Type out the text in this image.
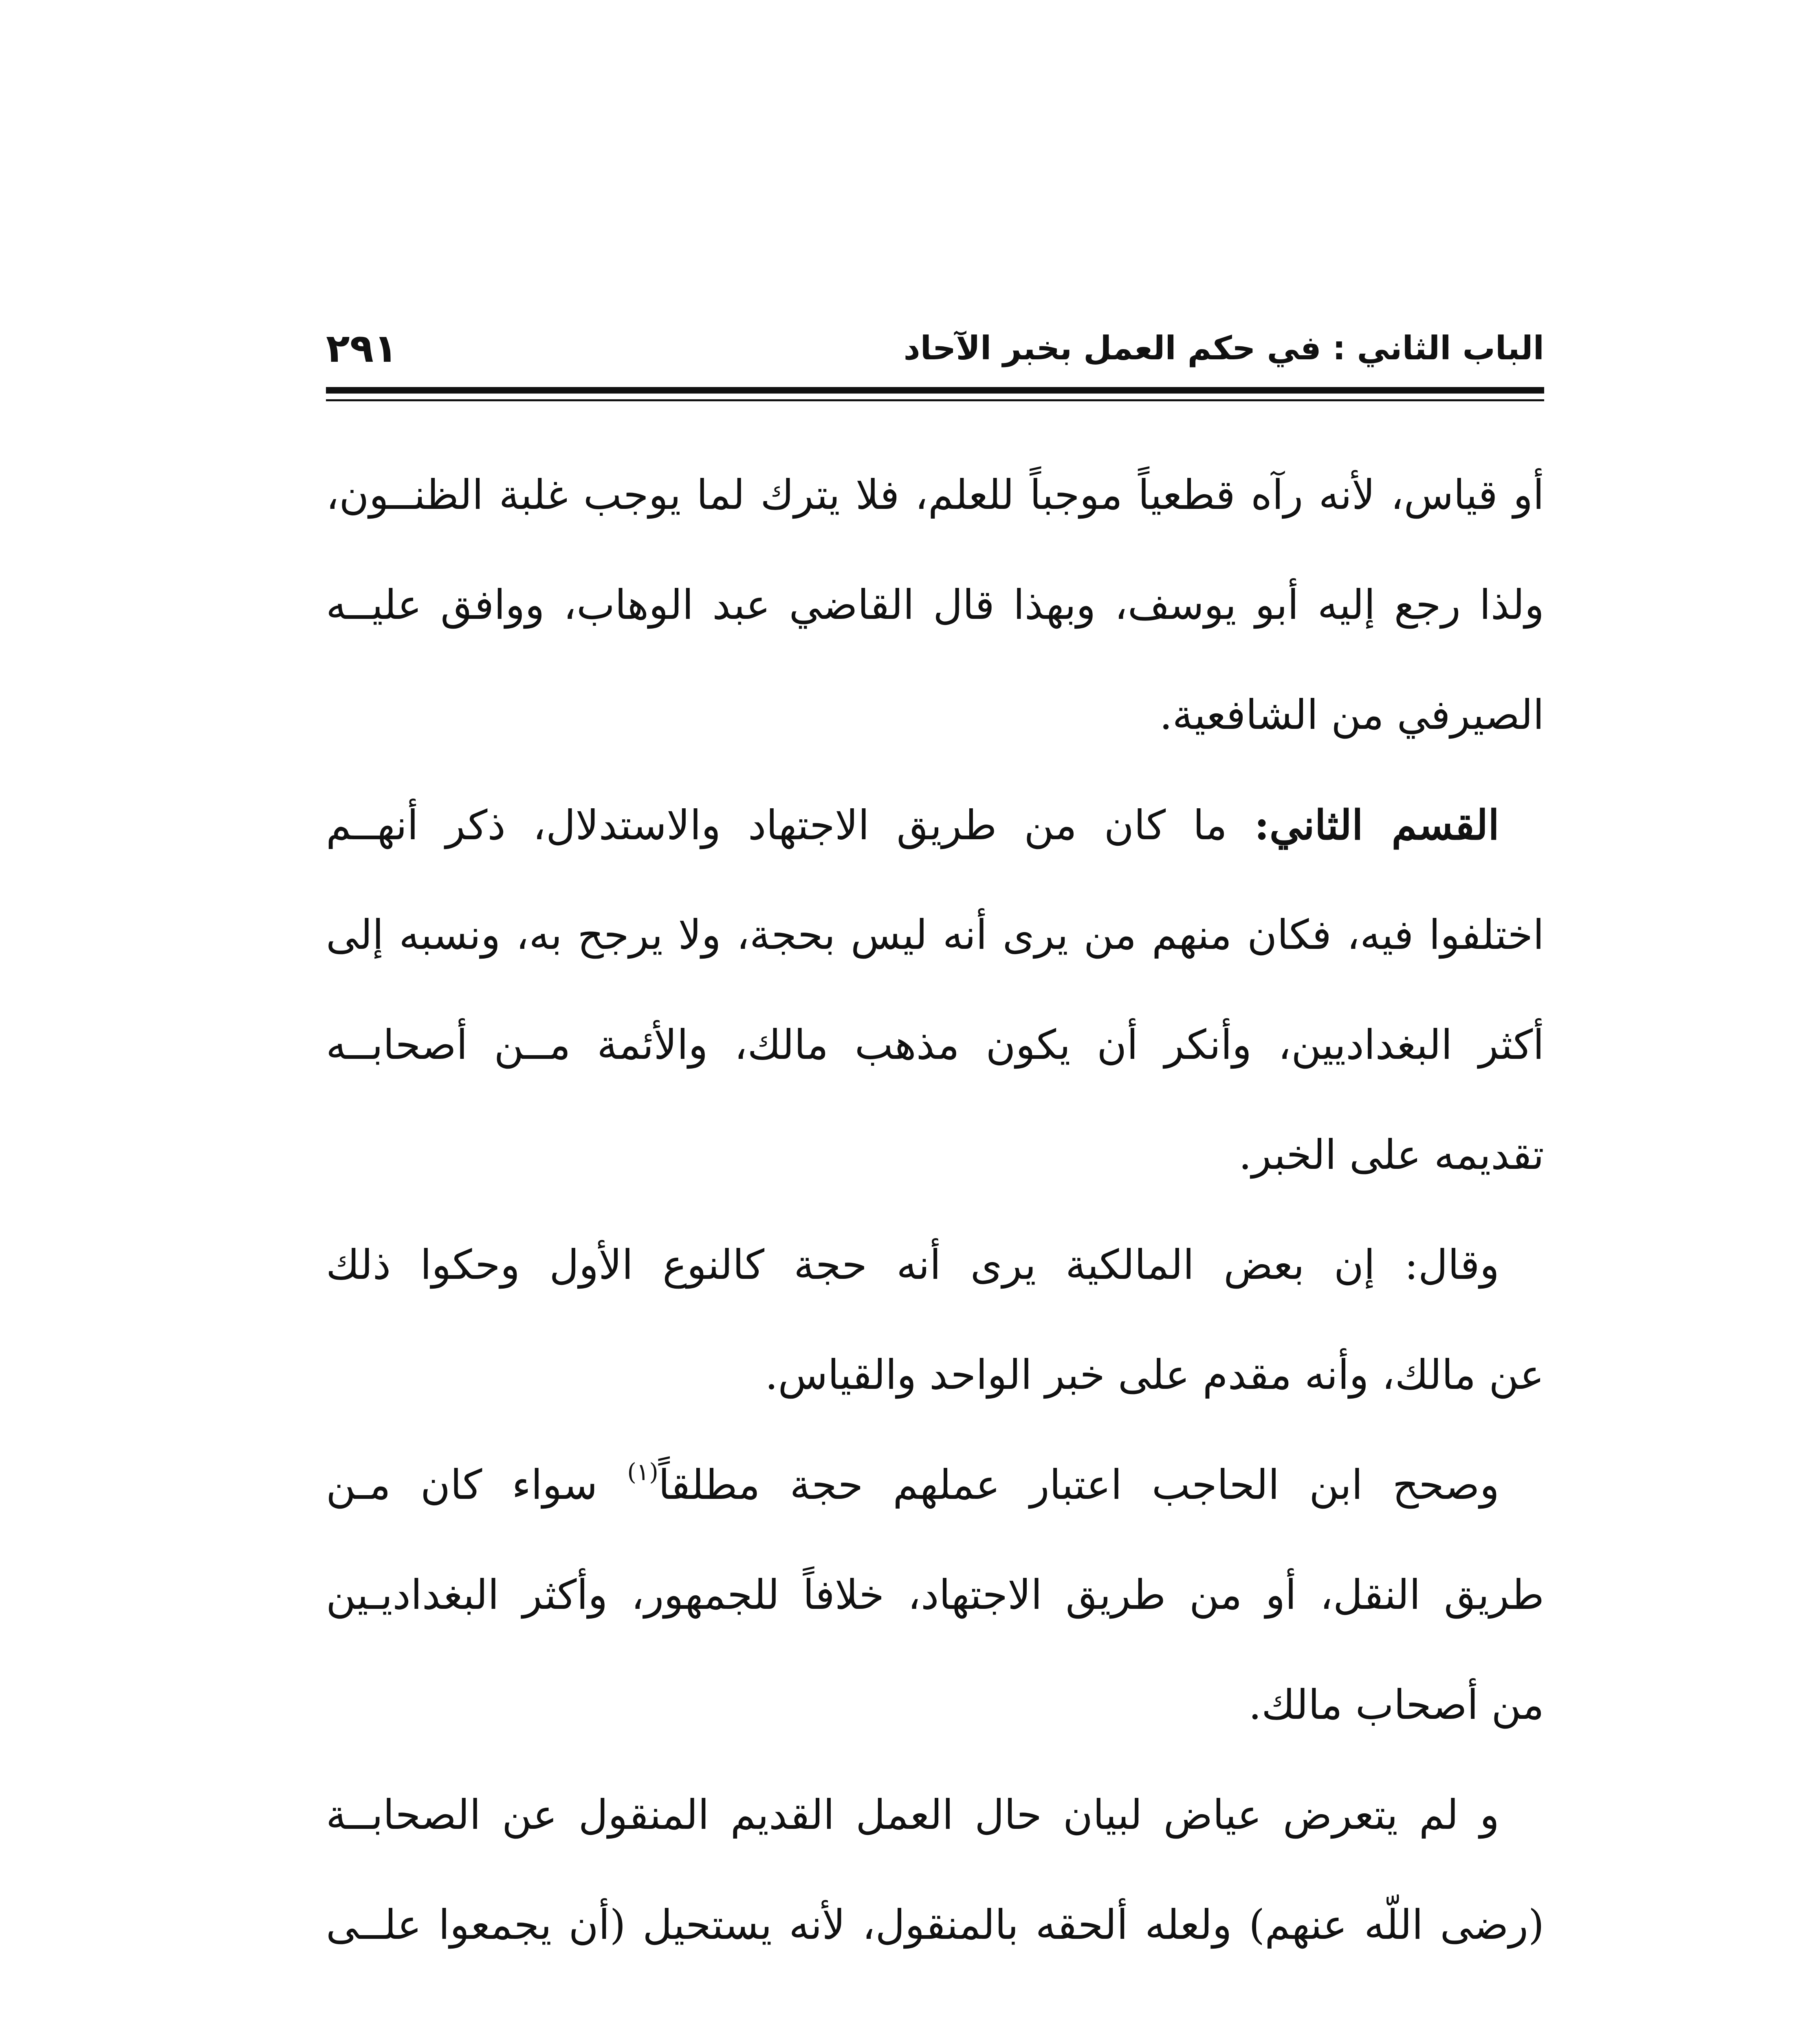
الباب الثاني : في حكم العمل بخبر الآحاد
٢٩١
أو قياس، لأنه رآه قطعياً موجباً للعلم، فلا يترك لما يوجب غلبة الظنــون،
ولذا رجع إليه أبو يوسف، وبهذا قال القاضي عبد الوهاب، ووافق عليــه
الصيرفي من الشافعية.
القسم الثاني: ما كان من طريق الاجتهاد والاستدلال، ذكر أنهــم
اختلفوا فيه، فكان منهم من يرى أنه ليس بحجة، ولا يرجح به، ونسبه إلى
أكثر البغداديين، وأنكر أن يكون مذهب مالك، والأئمة مــن أصحابــه
تقديمه على الخبر.
وقال: إن بعض المالكية يرى أنه حجة كالنوع الأول وحكوا ذلك
عن مالك، وأنه مقدم على خبر الواحد والقياس.
وصحح ابن الحاجب اعتبار عملهم حجة مطلقاً$^{(١)}$ سواء كان مـن
طريق النقل، أو من طريق الاجتهاد، خلافاً للجمهور، وأكثر البغداديـين
من أصحاب مالك.
و لم يتعرض عياض لبيان حال العمل القديم المنقول عن الصحابــة
(رضى اللّه عنهم) ولعله ألحقه بالمنقول، لأنه يستحيل (أن يجمعوا علــى
